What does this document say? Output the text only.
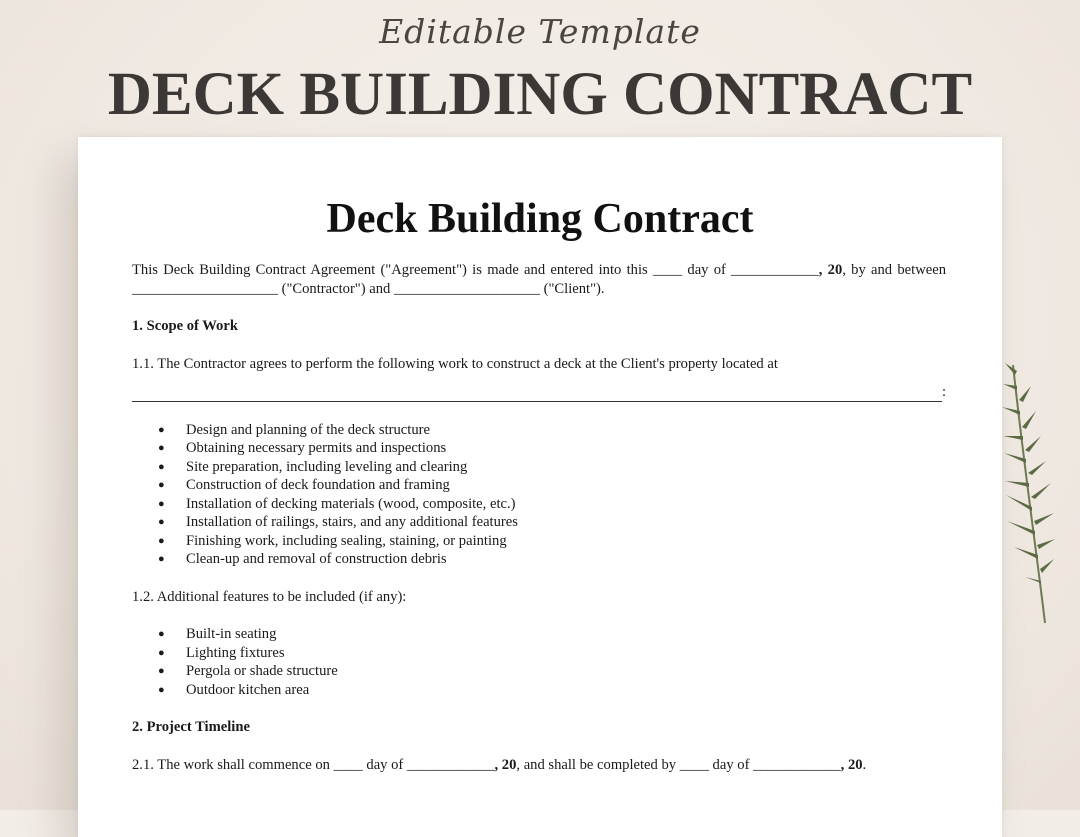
Editable Template
DECK BUILDING CONTRACT
Deck Building Contract

This Deck Building Contract Agreement ("Agreement") is made and entered into this ____ day of ____________, 20, by and between ____________________ ("Contractor") and ____________________ ("Client").

1. Scope of Work

1.1. The Contractor agrees to perform the following work to construct a deck at the Client's property located at

:
●	Design and planning of the deck structure
●	Obtaining necessary permits and inspections
●	Site preparation, including leveling and clearing
●	Construction of deck foundation and framing
●	Installation of decking materials (wood, composite, etc.)
●	Installation of railings, stairs, and any additional features
●	Finishing work, including sealing, staining, or painting
●	Clean-up and removal of construction debris

1.2. Additional features to be included (if any):

●	Built-in seating
●	Lighting fixtures
●	Pergola or shade structure
●	Outdoor kitchen area

2. Project Timeline

2.1. The work shall commence on ____ day of ____________, 20, and shall be completed by ____ day of ____________, 20.
